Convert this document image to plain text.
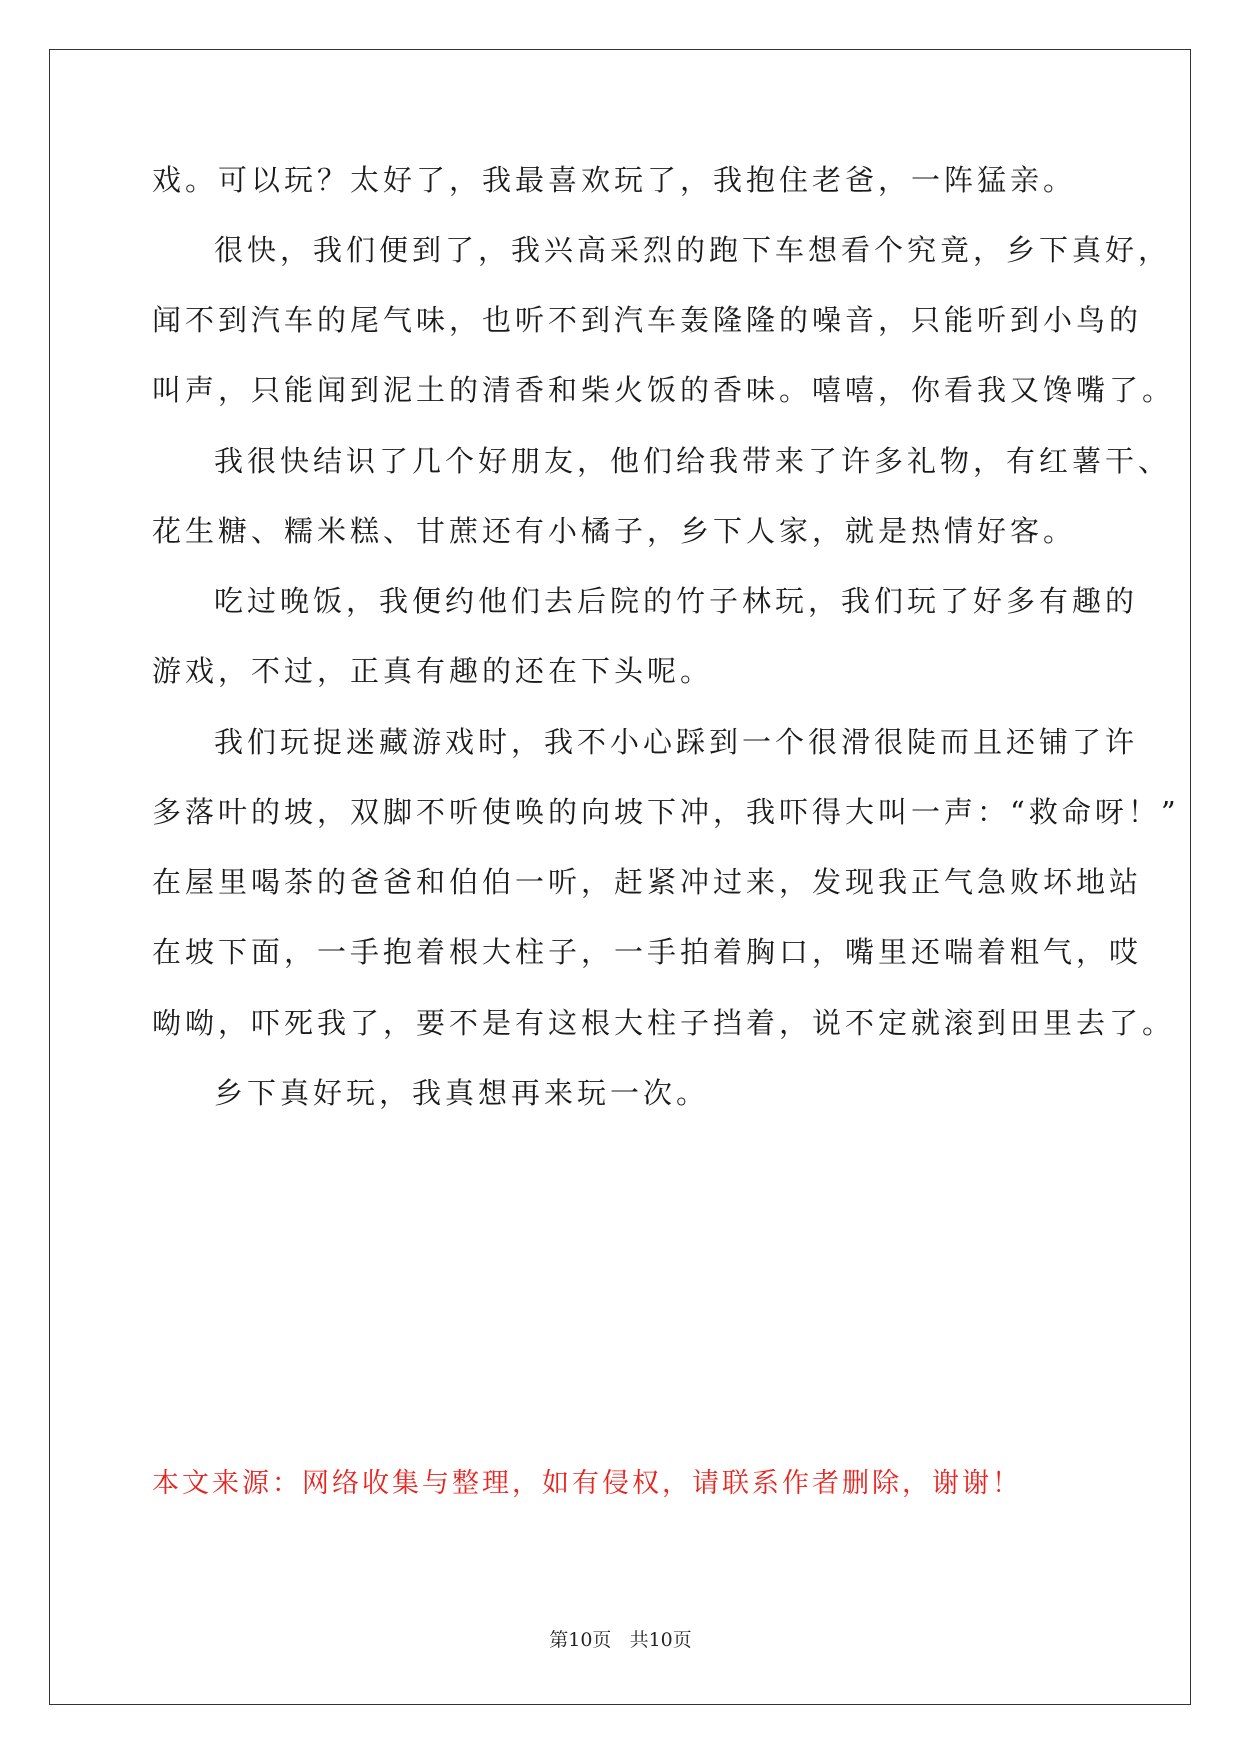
戏。可以玩？太好了，我最喜欢玩了，我抱住老爸，一阵猛亲。
很快，我们便到了，我兴高采烈的跑下车想看个究竟，乡下真好，
闻不到汽车的尾气味，也听不到汽车轰隆隆的噪音，只能听到小鸟的
叫声，只能闻到泥土的清香和柴火饭的香味。嘻嘻，你看我又馋嘴了。
我很快结识了几个好朋友，他们给我带来了许多礼物，有红薯干、
花生糖、糯米糕、甘蔗还有小橘子，乡下人家，就是热情好客。
吃过晚饭，我便约他们去后院的竹子林玩，我们玩了好多有趣的
游戏，不过，正真有趣的还在下头呢。
我们玩捉迷藏游戏时，我不小心踩到一个很滑很陡而且还铺了许
多落叶的坡，双脚不听使唤的向坡下冲，我吓得大叫一声：“救命呀！”
在屋里喝茶的爸爸和伯伯一听，赶紧冲过来，发现我正气急败坏地站
在坡下面，一手抱着根大柱子，一手拍着胸口，嘴里还喘着粗气，哎
呦呦，吓死我了，要不是有这根大柱子挡着，说不定就滚到田里去了。
乡下真好玩，我真想再来玩一次。
本文来源：网络收集与整理，如有侵权，请联系作者删除，谢谢！
第10页 共10页
